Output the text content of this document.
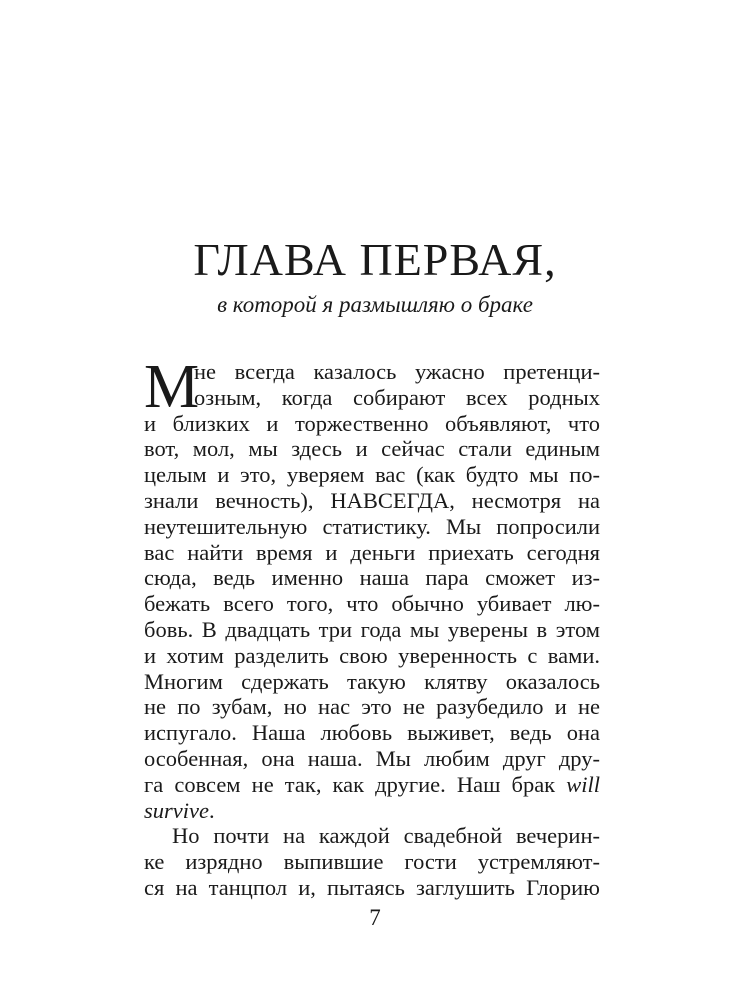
ГЛАВА ПЕРВАЯ,

в которой я размышляю о браке

М
не всегда казалось ужасно претенци-
озным, когда собирают всех родных
и близких и торжественно объявляют, что
вот, мол, мы здесь и сейчас стали единым
целым и это, уверяем вас (как будто мы по-
знали вечность), НАВСЕГДА, несмотря на
неутешительную статистику. Мы попросили
вас найти время и деньги приехать сегодня
сюда, ведь именно наша пара сможет из-
бежать всего того, что обычно убивает лю-
бовь. В двадцать три года мы уверены в этом
и хотим разделить свою уверенность с вами.
Многим сдержать такую клятву оказалось
не по зубам, но нас это не разубедило и не
испугало. Наша любовь выживет, ведь она
особенная, она наша. Мы любим друг дру-
га совсем не так, как другие. Наш брак will
survive.
Но почти на каждой свадебной вечерин-
ке изрядно выпившие гости устремляют-
ся на танцпол и, пытаясь заглушить Глорию
7
